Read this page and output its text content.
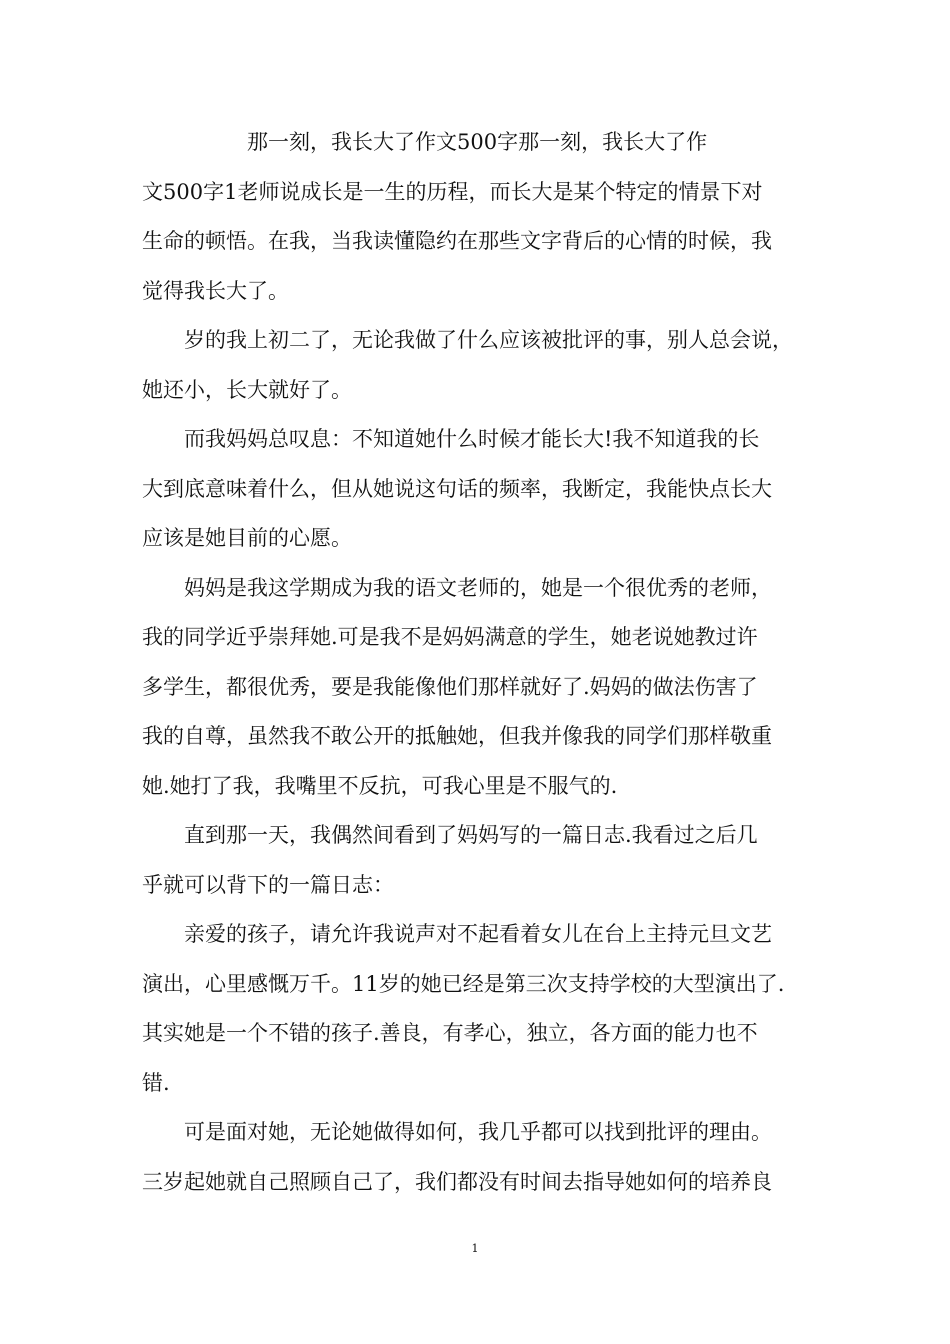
　　　　　那一刻，我长大了作文500字那一刻，我长大了作
文500字1老师说成长是一生的历程，而长大是某个特定的情景下对
生命的顿悟。在我，当我读懂隐约在那些文字背后的心情的时候，我
觉得我长大了。
　　岁的我上初二了，无论我做了什么应该被批评的事，别人总会说，
她还小，长大就好了。
　　而我妈妈总叹息：不知道她什么时候才能长大!我不知道我的长
大到底意味着什么，但从她说这句话的频率，我断定，我能快点长大
应该是她目前的心愿。
　　妈妈是我这学期成为我的语文老师的，她是一个很优秀的老师，
我的同学近乎崇拜她.可是我不是妈妈满意的学生，她老说她教过许
多学生，都很优秀，要是我能像他们那样就好了.妈妈的做法伤害了
我的自尊，虽然我不敢公开的抵触她，但我并像我的同学们那样敬重
她.她打了我，我嘴里不反抗，可我心里是不服气的.
　　直到那一天，我偶然间看到了妈妈写的一篇日志.我看过之后几
乎就可以背下的一篇日志：
　　亲爱的孩子，请允许我说声对不起看着女儿在台上主持元旦文艺
演出，心里感慨万千。11岁的她已经是第三次支持学校的大型演出了.
其实她是一个不错的孩子.善良，有孝心，独立，各方面的能力也不
错.
　　可是面对她，无论她做得如何，我几乎都可以找到批评的理由。
三岁起她就自己照顾自己了，我们都没有时间去指导她如何的培养良
1
